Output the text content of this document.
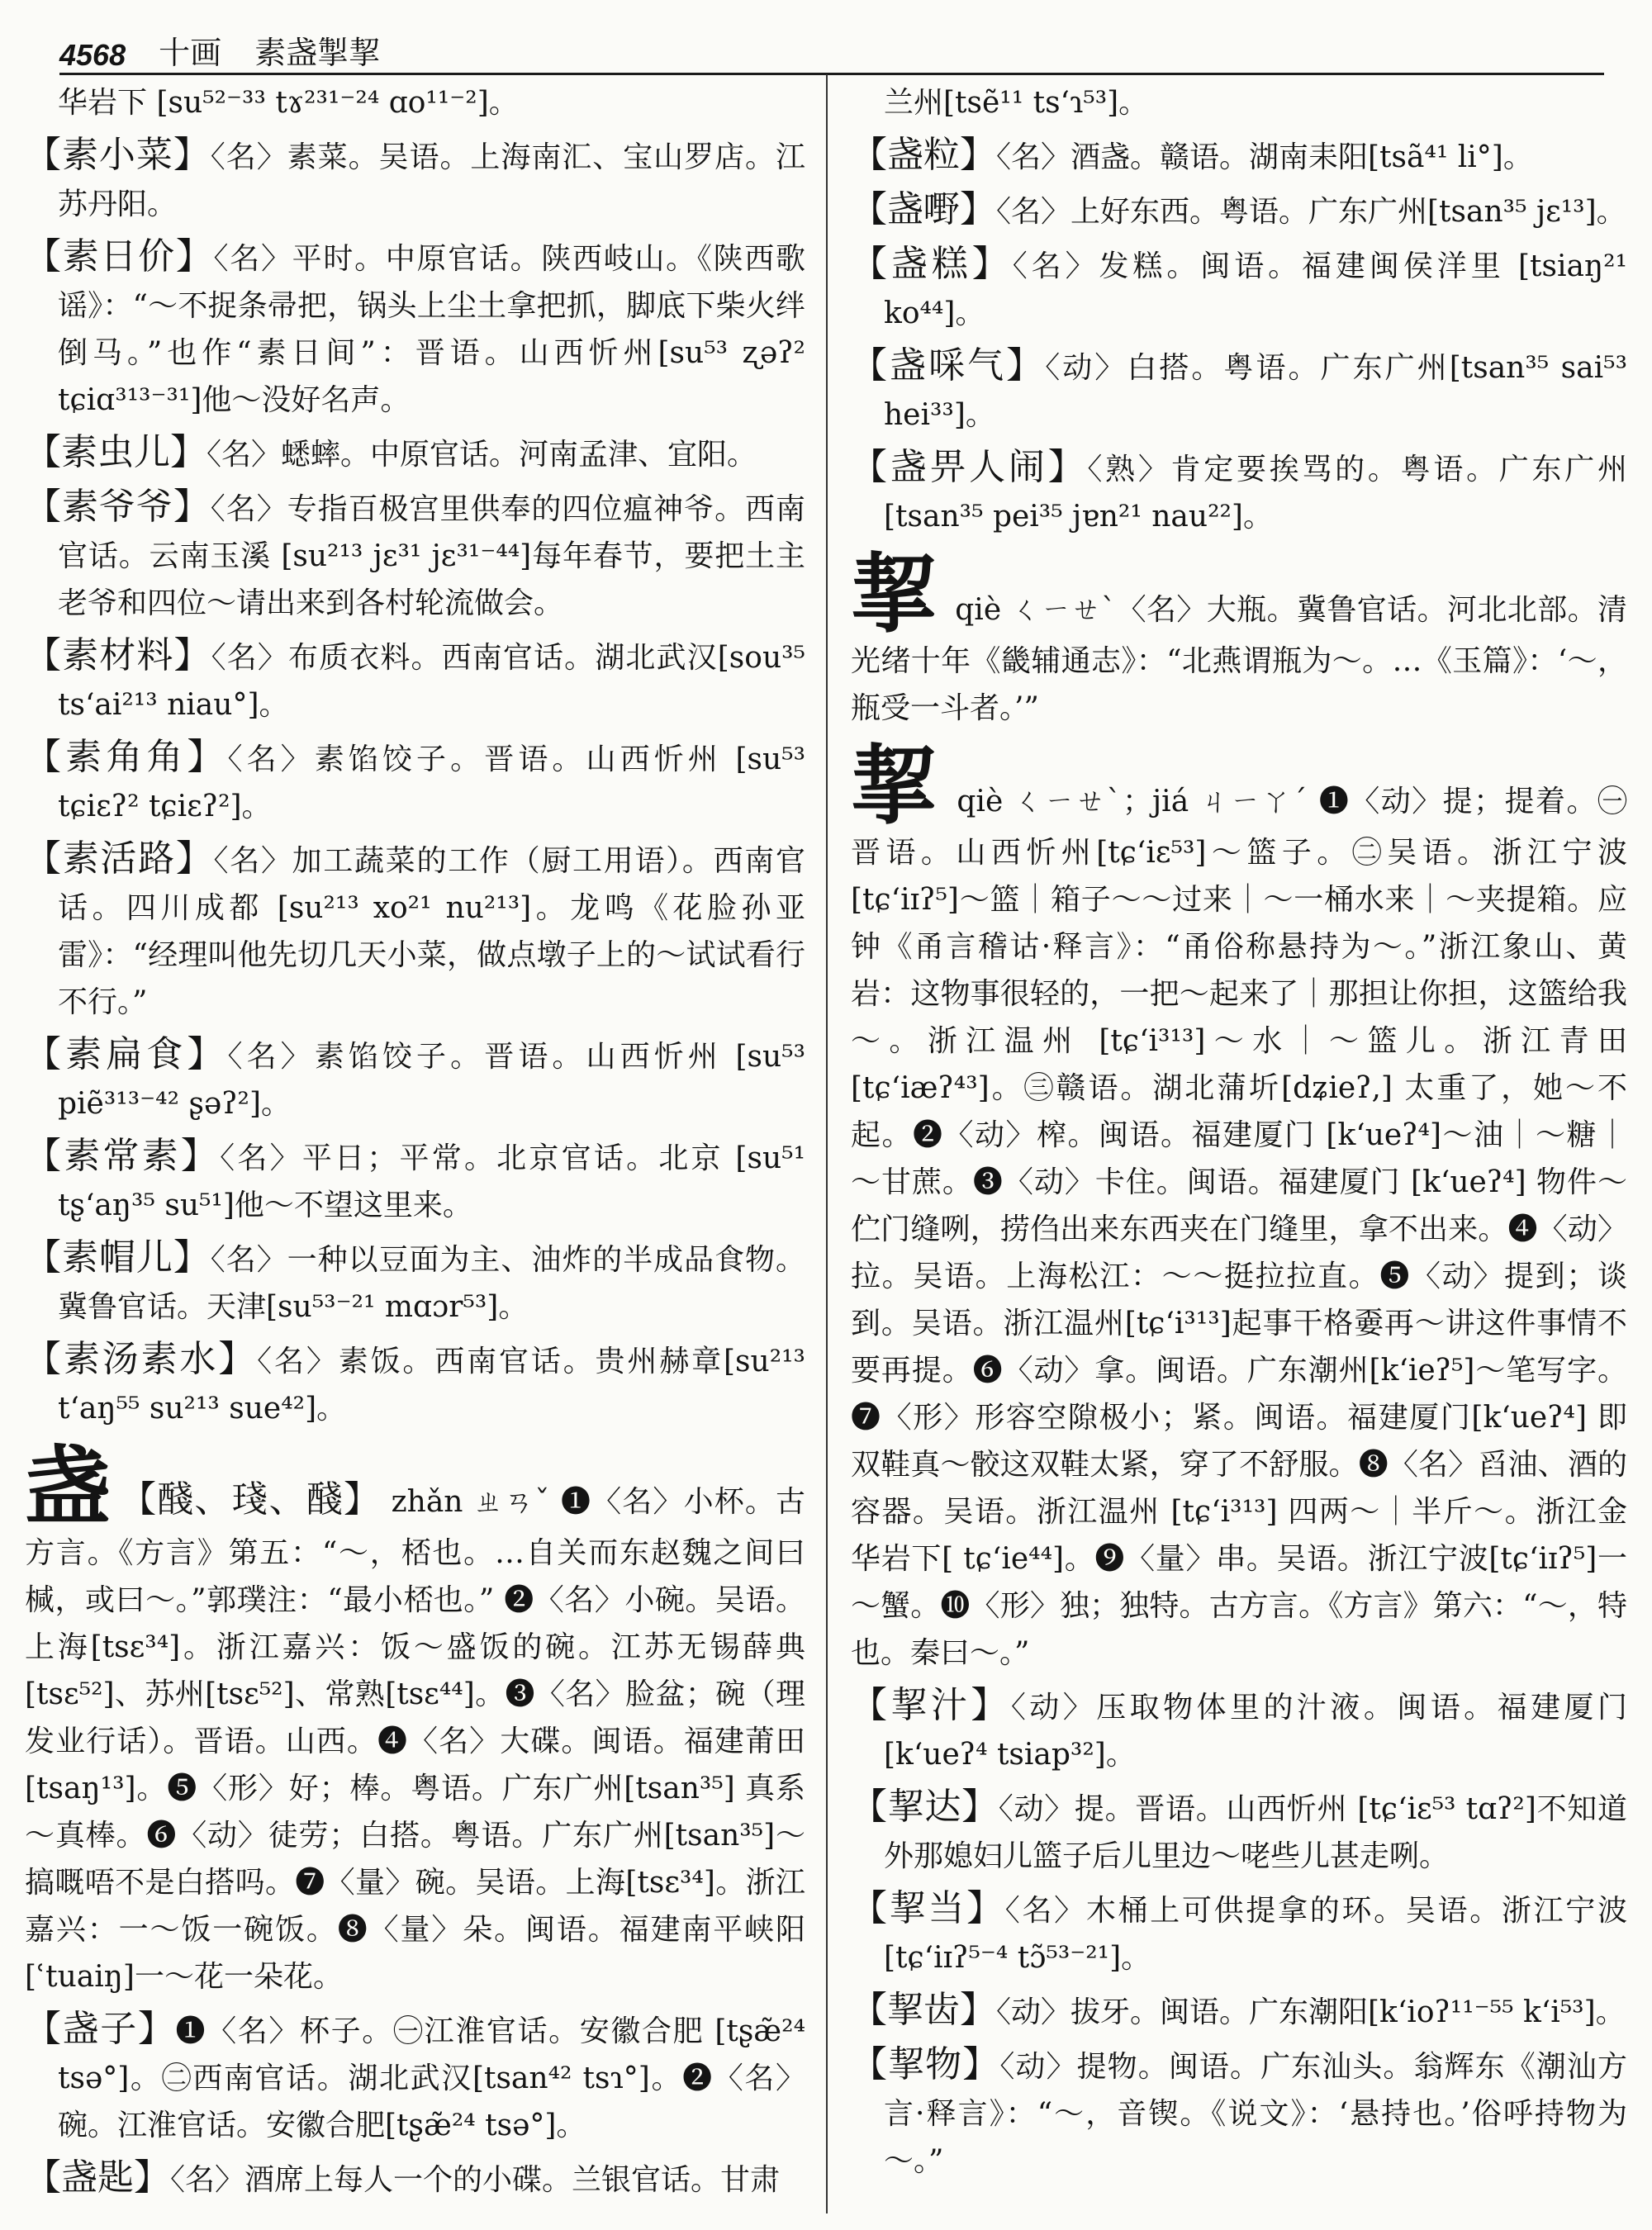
4568 十画 素盏掣挈
华岩下 [su⁵²⁻³³ tɤ²³¹⁻²⁴ ɑo¹¹⁻²]。
【素小菜】〈名〉素菜。吴语。上海南汇、宝山罗店。江苏丹阳。
【素日价】〈名〉平时。中原官话。陕西岐山。《陕西歌谣》：“～不捉条帚把，锅头上尘土拿把抓，脚底下柴火绊倒马。”也作“素日间”：晋语。山西忻州[su⁵³ ʐəʔ² tɕiɑ³¹³⁻³¹]他～没好名声。
【素虫儿】〈名〉蟋蟀。中原官话。河南孟津、宜阳。
【素爷爷】〈名〉专指百极宫里供奉的四位瘟神爷。西南官话。云南玉溪 [su²¹³ jɛ³¹ jɛ³¹⁻⁴⁴]每年春节，要把土主老爷和四位～请出来到各村轮流做会。
【素材料】〈名〉布质衣料。西南官话。湖北武汉[sou³⁵ ts‘ai²¹³ niau°]。
【素角角】〈名〉素馅饺子。晋语。山西忻州 [su⁵³ tɕiɛʔ² tɕiɛʔ²]。
【素活路】〈名〉加工蔬菜的工作（厨工用语）。西南官话。四川成都 [su²¹³ xo²¹ nu²¹³]。龙鸣《花脸孙亚雷》：“经理叫他先切几天小菜，做点墩子上的～试试看行不行。”
【素扁食】〈名〉素馅饺子。晋语。山西忻州 [su⁵³ piẽ³¹³⁻⁴² ʂəʔ²]。
【素常素】〈名〉平日；平常。北京官话。北京 [su⁵¹ tʂ‘aŋ³⁵ su⁵¹]他～不望这里来。
【素帽儿】〈名〉一种以豆面为主、油炸的半成品食物。冀鲁官话。天津[su⁵³⁻²¹ mɑɔr⁵³]。
【素汤素水】〈名〉素饭。西南官话。贵州赫章[su²¹³ t‘aŋ⁵⁵ su²¹³ sue⁴²]。
盏 【醆、琖、醆】 zhǎn ㄓㄢˇ ❶〈名〉小杯。古方言。《方言》第五：“～，桮也。…自关而东赵魏之间曰椷，或曰～。”郭璞注：“最小桮也。” ❷〈名〉小碗。吴语。上海[tsɛ³⁴]。浙江嘉兴：饭～盛饭的碗。江苏无锡薛典[tsɛ⁵²]、苏州[tsɛ⁵²]、常熟[tsɛ⁴⁴]。❸〈名〉脸盆；碗（理发业行话）。晋语。山西。❹〈名〉大碟。闽语。福建莆田 [tsaŋ¹³]。❺〈形〉好；棒。粤语。广东广州[tsan³⁵] 真系～真棒。❻〈动〉徒劳；白搭。粤语。广东广州[tsan³⁵]～搞嘅唔不是白搭吗。❼〈量〉碗。吴语。上海[tsɛ³⁴]。浙江嘉兴：一～饭一碗饭。❽〈量〉朵。闽语。福建南平峡阳[ʿtuaiŋ]一～花一朵花。
【盏子】❶〈名〉杯子。㊀江淮官话。安徽合肥 [tʂæ̃²⁴ tsə°]。㊁西南官话。湖北武汉[tsan⁴² tsɿ°]。❷〈名〉碗。江淮官话。安徽合肥[tʂæ̃²⁴ tsə°]。
【盏匙】〈名〉酒席上每人一个的小碟。兰银官话。甘肃
兰州[tsẽ¹¹ ts‘ɿ⁵³]。
【盏粒】〈名〉酒盏。赣语。湖南耒阳[tsã⁴¹ li°]。
【盏嘢】〈名〉上好东西。粤语。广东广州[tsan³⁵ jɛ¹³]。
【盏糕】〈名〉发糕。闽语。福建闽侯洋里 [tsiaŋ²¹ ko⁴⁴]。
【盏啋气】〈动〉白搭。粤语。广东广州[tsan³⁵ sai⁵³ hei³³]。
【盏畀人闹】〈熟〉肯定要挨骂的。粤语。广东广州 [tsan³⁵ pei³⁵ jɐn²¹ nau²²]。
挈 qiè ㄑㄧㄝˋ〈名〉大瓶。冀鲁官话。河北北部。清光绪十年《畿辅通志》：“北燕谓瓶为～。…《玉篇》：‘～，瓶受一斗者。’”
挈 qiè ㄑㄧㄝˋ；jiá ㄐㄧㄚˊ ❶〈动〉提；提着。㊀晋语。山西忻州[tɕ‘iɛ⁵³]～篮子。㊁吴语。浙江宁波[tɕ‘iɪʔ⁵]～篮｜箱子～～过来｜～一桶水来｜～夹提箱。应钟《甬言稽诂·释言》：“甬俗称悬持为～。”浙江象山、黄岩：这物事很轻的，一把～起来了｜那担让你担，这篮给我～。浙江温州 [tɕ‘i³¹³]～水｜～篮儿。浙江青田 [tɕ‘iæʔ⁴³]。㊂赣语。湖北蒲圻[dʑieʔ,] 太重了，她～不起。❷〈动〉榨。闽语。福建厦门 [k‘ueʔ⁴]～油｜～糖｜～甘蔗。❸〈动〉卡住。闽语。福建厦门 [k‘ueʔ⁴] 物件～伫门缝咧，捞㑇出来东西夹在门缝里，拿不出来。❹〈动〉拉。吴语。上海松江：～～挺拉拉直。❺〈动〉提到；谈到。吴语。浙江温州[tɕ‘i³¹³]起事干格嫑再～讲这件事情不要再提。❻〈动〉拿。闽语。广东潮州[k‘ieʔ⁵]～笔写字。❼〈形〉形容空隙极小；紧。闽语。福建厦门[k‘ueʔ⁴] 即双鞋真～骹这双鞋太紧，穿了不舒服。❽〈名〉舀油、酒的容器。吴语。浙江温州 [tɕ‘i³¹³] 四两～｜半斤～。浙江金华岩下[ tɕ‘ie⁴⁴]。❾〈量〉串。吴语。浙江宁波[tɕ‘iɪʔ⁵]一～蟹。❿〈形〉独；独特。古方言。《方言》第六：“～，特也。秦曰～。”
【挈汁】〈动〉压取物体里的汁液。闽语。福建厦门 [k‘ueʔ⁴ tsiap³²]。
【挈达】〈动〉提。晋语。山西忻州 [tɕ‘iɛ⁵³ tɑʔ²]不知道外那媳妇儿篮子后儿里边～咾些儿甚走咧。
【挈当】〈名〉木桶上可供提拿的环。吴语。浙江宁波 [tɕ‘iɪʔ⁵⁻⁴ tɔ̃⁵³⁻²¹]。
【挈齿】〈动〉拔牙。闽语。广东潮阳[k‘ioʔ¹¹⁻⁵⁵ k‘i⁵³]。
【挈物】〈动〉提物。闽语。广东汕头。翁辉东《潮汕方言·释言》：“～，音锲。《说文》：‘悬持也。’俗呼持物为～。”
